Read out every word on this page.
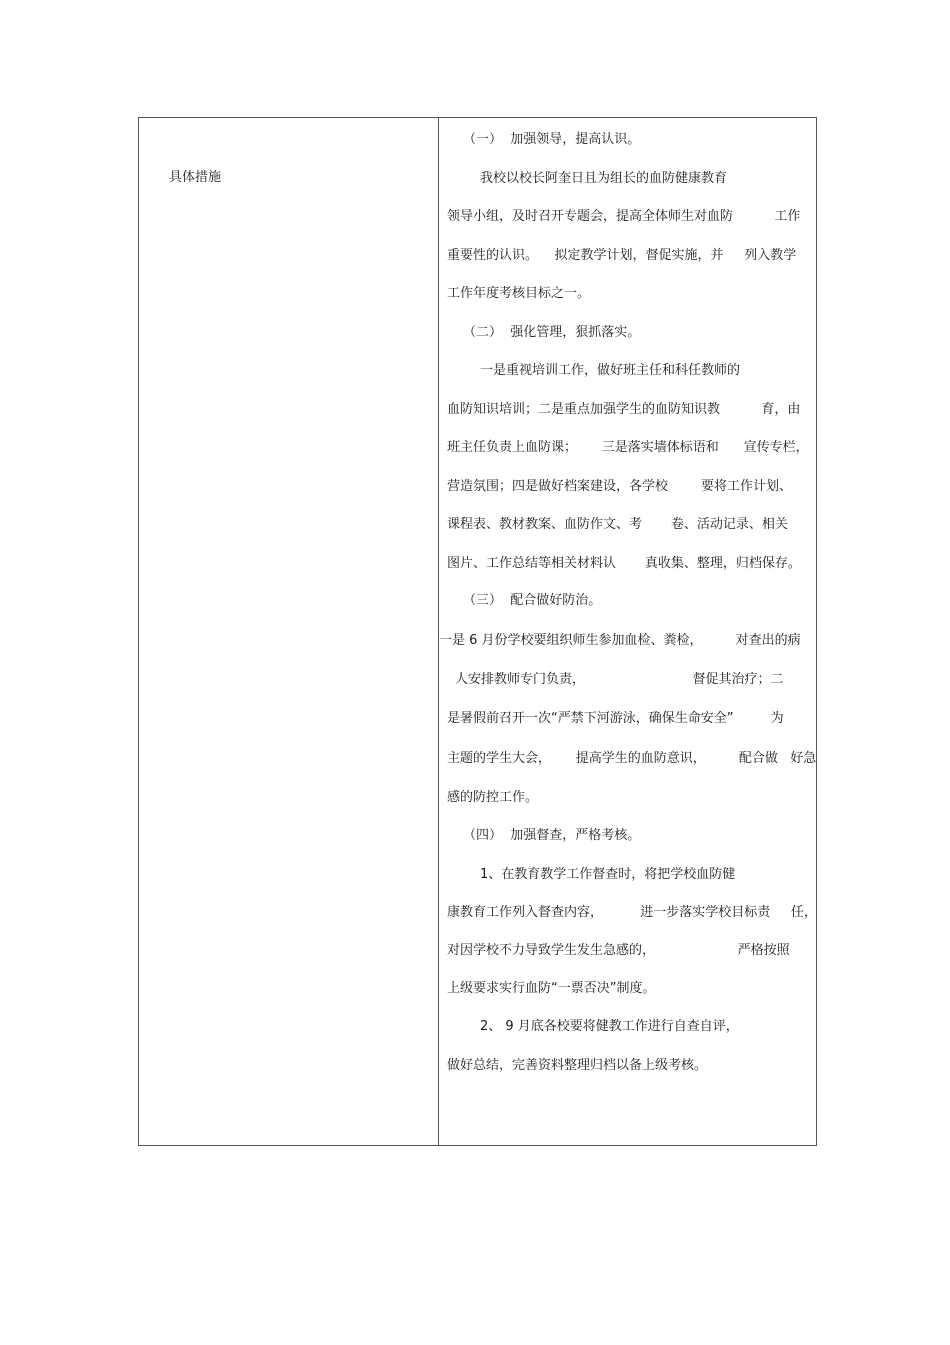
具体措施
（一）  加强领导，提高认识。
我校以校长阿奎日且为组长的血防健康教育
领导小组，及时召开专题会，提高全体师生对血防          工作
重要性的认识。    拟定教学计划，督促实施，并     列入教学
工作年度考核目标之一。
（二）  强化管理，狠抓落实。
一是重视培训工作，做好班主任和科任教师的
血防知识培训；二是重点加强学生的血防知识教          育，由
班主任负责上血防课；      三是落实墙体标语和      宣传专栏，
营造氛围；四是做好档案建设，各学校        要将工作计划、
课程表、教材教案、血防作文、考       卷、活动记录、相关
图片、工作总结等相关材料认       真收集、整理，归档保存。
（三）  配合做好防治。
一是 6 月份学校要组织师生参加血检、粪检，        对查出的病
人安排教师专门负责，                          督促其治疗；二
是暑假前召开一次“严禁下河游泳，确保生命安全”         为
主题的学生大会，      提高学生的血防意识，        配合做   好急
感的防控工作。
（四）  加强督查，严格考核。
1、在教育教学工作督查时，将把学校血防健
康教育工作列入督查内容，         进一步落实学校目标责     任，
对因学校不力导致学生发生急感的，                    严格按照
上级要求实行血防“一票否决”制度。
2、 9 月底各校要将健教工作进行自查自评，
做好总结，完善资料整理归档以备上级考核。
